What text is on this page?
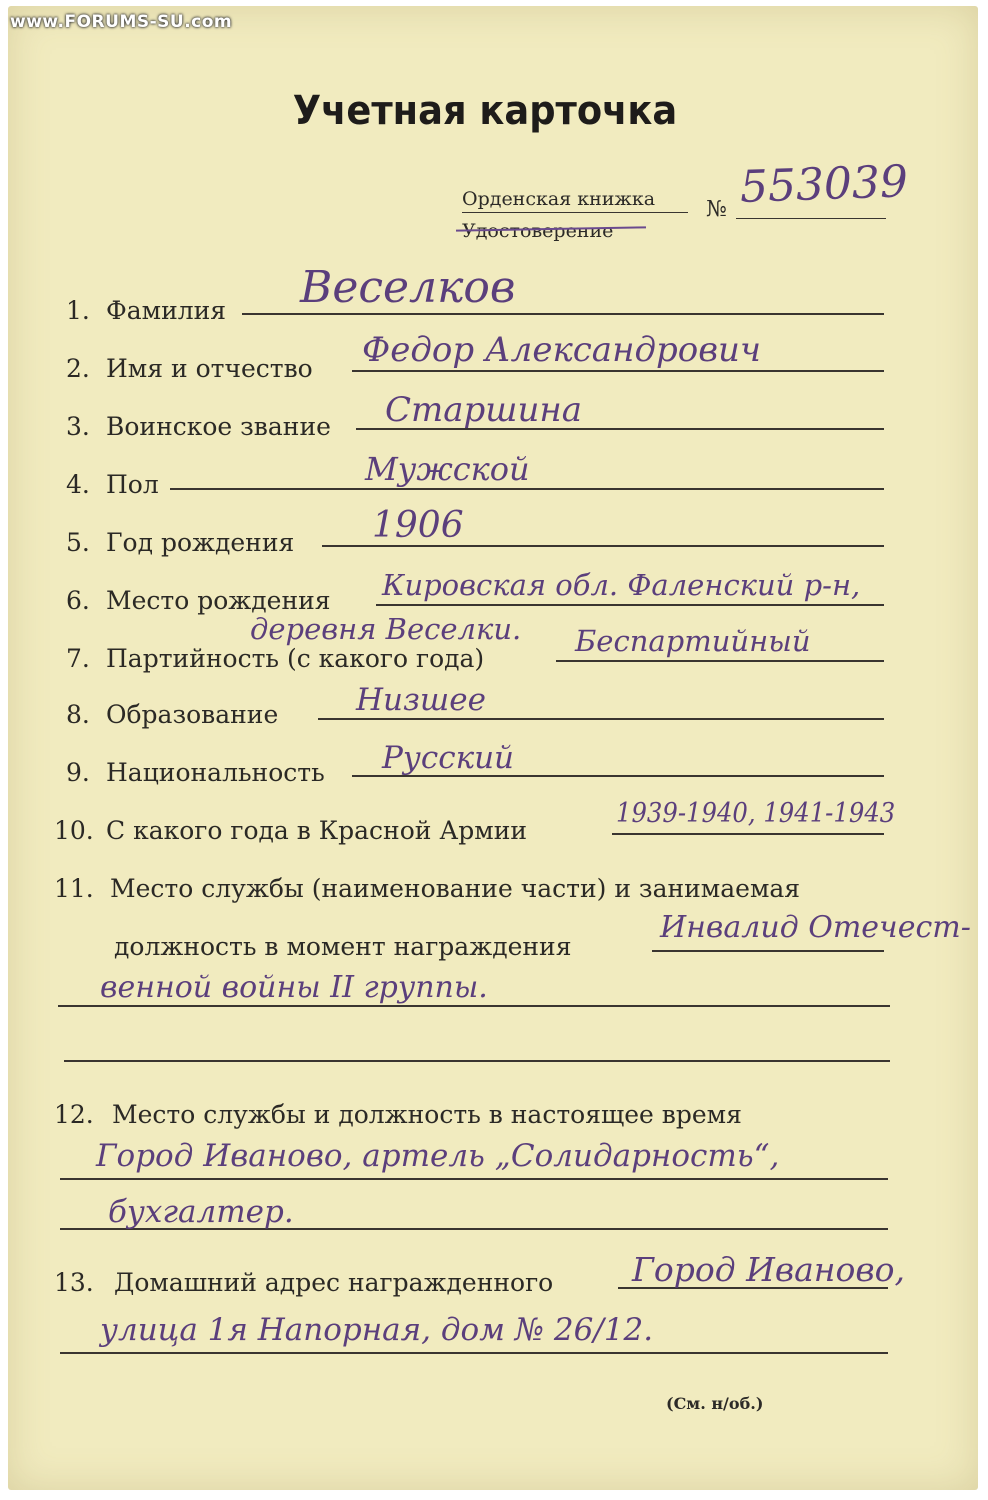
www.FORUMS-SU.com
Учетная карточка
Орденская книжка
Удостоверение
№ 553039
1. Фамилия Веселков
2. Имя и отчество Федор Александрович
3. Воинское звание Старшина
4. Пол	Мужской
5. Год рождения 1906
6. Место рождения Кировская обл. Фаленский р-н,
деревня Веселки.
7. Партийность (с какого года)
Беспартийный
8. Образование	Низшее
9. Национальность Русский
10. С какого года в Красной Армии
1939-1940, 1941-1943
11. Место службы (наименование части) и занимаемая
должность в момент награждения
Инвалид Отечест-
венной войны II группы.
12. Место службы и должность в настоящее время
Город Иваново, артель „Солидарность“,
бухгалтер.
13. Домашний адрес награжденного Город Иваново,
улица 1я Напорная, дом № 26/12.
(См. н/об.)
